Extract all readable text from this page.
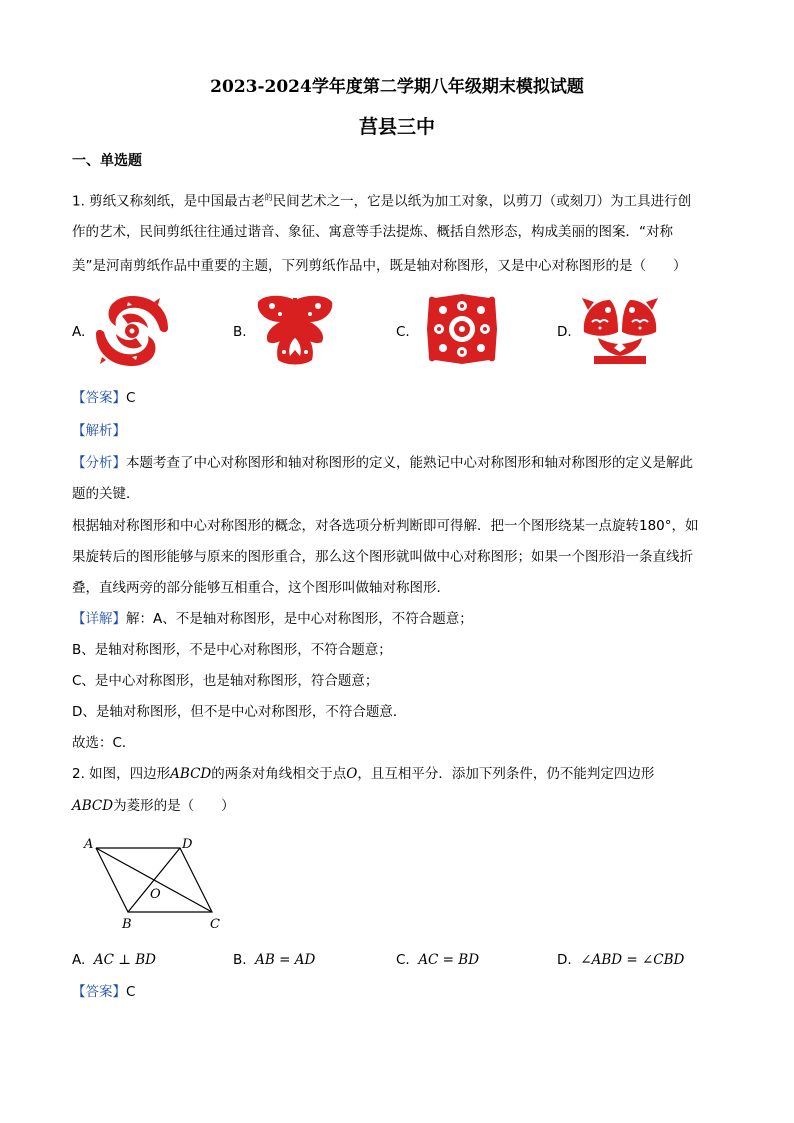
2023-2024学年度第二学期八年级期末模拟试题
莒县三中
一、单选题
1. 剪纸又称刻纸，是中国最古老$^的$民间艺术之一，它是以纸为加工对象，以剪刀（或刻刀）为工具进行创
作的艺术，民间剪纸往往通过谐音、象征、寓意等手法提炼、概括自然形态，构成美丽的图案．“对称
美”是河南剪纸作品中重要的主题，下列剪纸作品中，既是轴对称图形，又是中心对称图形的是（　　）
A.	B.	C.	D.
【答案】C
【解析】
【分析】本题考查了中心对称图形和轴对称图形的定义，能熟记中心对称图形和轴对称图形的定义是解此
题的关键．
根据轴对称图形和中心对称图形的概念，对各选项分析判断即可得解．把一个图形绕某一点旋转180°，如
果旋转后的图形能够与原来的图形重合，那么这个图形就叫做中心对称图形；如果一个图形沿一条直线折
叠，直线两旁的部分能够互相重合，这个图形叫做轴对称图形．
【详解】解：A、不是轴对称图形，是中心对称图形，不符合题意；
B、是轴对称图形，不是中心对称图形，不符合题意；
C、是中心对称图形，也是轴对称图形，符合题意；
D、是轴对称图形，但不是中心对称图形，不符合题意．
故选：C．
2. 如图，四边形ABCD的两条对角线相交于点O，且互相平分．添加下列条件，仍不能判定四边形
ABCD为菱形的是（　　）
A	D
B	C
O
A. AC ⊥ BD	B. AB = AD	C. AC = BD	D. ∠ABD = ∠CBD
【答案】C
